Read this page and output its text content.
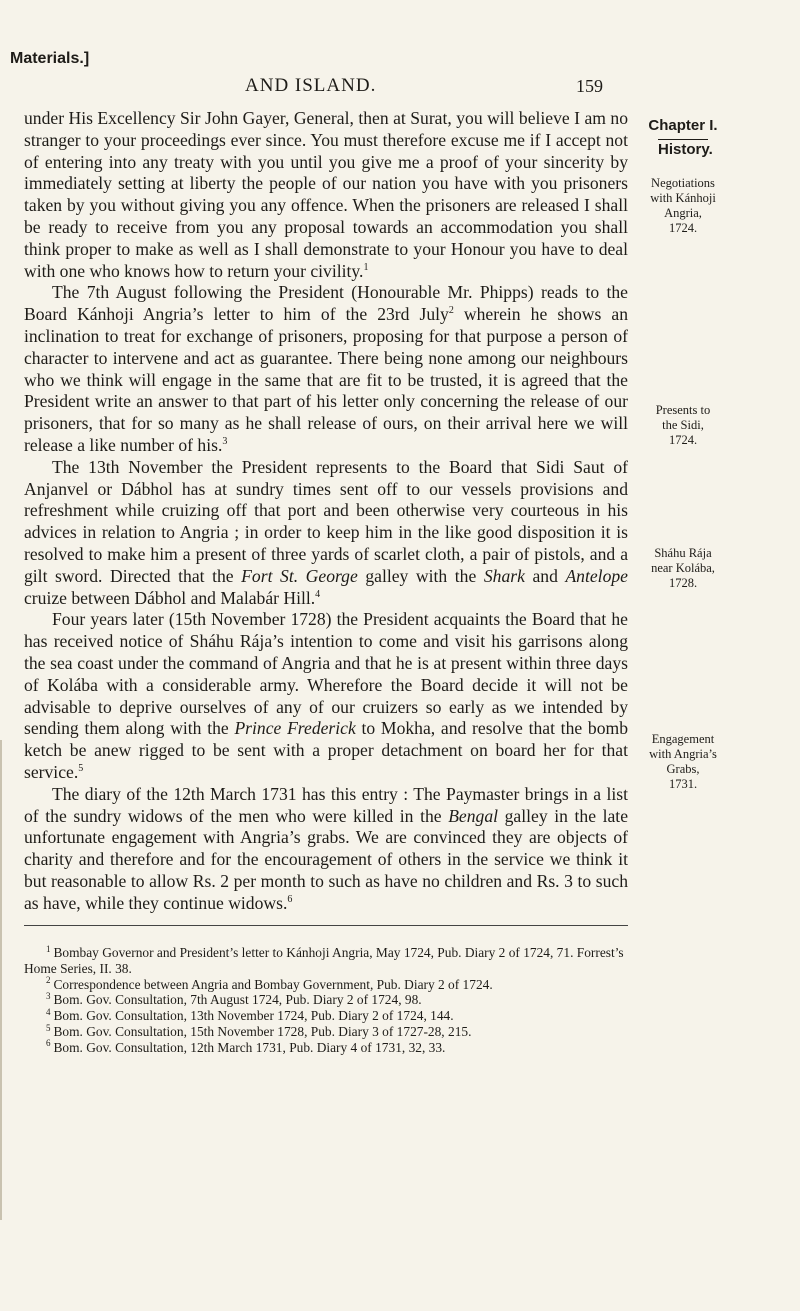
Materials.]
AND ISLAND.	159

under His Excellency Sir John Gayer, General, then at Surat, you will believe I am no stranger to your proceedings ever since. You must therefore excuse me if I accept not of entering into any treaty with you until you give me a proof of your sincerity by immediately setting at liberty the people of our nation you have with you prisoners taken by you without giving you any offence. When the prisoners are released I shall be ready to receive from you any proposal towards an accommodation you shall think proper to make as well as I shall demonstrate to your Honour you have to deal with one who knows how to return your civility.$^1$

The 7th August following the President (Honourable Mr. Phipps) reads to the Board Kánhoji Angria’s letter to him of the 23rd July$^2$ wherein he shows an inclination to treat for exchange of prisoners, proposing for that purpose a person of character to intervene and act as guarantee. There being none among our neighbours who we think will engage in the same that are fit to be trusted, it is agreed that the President write an answer to that part of his letter only concerning the release of our prisoners, that for so many as he shall release of ours, on their arrival here we will release a like number of his.$^3$

The 13th November the President represents to the Board that Sidi Saut of Anjanvel or Dábhol has at sundry times sent off to our vessels provisions and refreshment while cruizing off that port and been otherwise very courteous in his advices in relation to Angria ; in order to keep him in the like good disposition it is resolved to make him a present of three yards of scarlet cloth, a pair of pistols, and a gilt sword. Directed that the Fort St. George galley with the Shark and Antelope cruize between Dábhol and Malabár Hill.$^4$

Four years later (15th November 1728) the President acquaints the Board that he has received notice of Sháhu Rája’s intention to come and visit his garrisons along the sea coast under the command of Angria and that he is at present within three days of Kolába with a considerable army. Wherefore the Board decide it will not be advisable to deprive ourselves of any of our cruizers so early as we intended by sending them along with the Prince Frederick to Mokha, and resolve that the bomb ketch be anew rigged to be sent with a proper detachment on board her for that service.$^5$

The diary of the 12th March 1731 has this entry : The Paymaster brings in a list of the sundry widows of the men who were killed in the Bengal galley in the late unfortunate engagement with Angria’s grabs. We are convinced they are objects of charity and therefore and for the encouragement of others in the service we think it but reasonable to allow Rs. 2 per month to such as have no children and Rs. 3 to such as have, while they continue widows.$^6$

Chapter I.
History.
Negotiations
with Kánhoji
Angria,
1724.
Presents to
the Sidi,
1724.
Sháhu Rája
near Kolába,
1728.
Engagement
with Angria’s
Grabs,
1731.

$^1$ Bombay Governor and President’s letter to Kánhoji Angria, May 1724, Pub. Diary 2 of 1724, 71. Forrest’s Home Series, II. 38.

$^2$ Correspondence between Angria and Bombay Government, Pub. Diary 2 of 1724.

$^3$ Bom. Gov. Consultation, 7th August 1724, Pub. Diary 2 of 1724, 98.

$^4$ Bom. Gov. Consultation, 13th November 1724, Pub. Diary 2 of 1724, 144.

$^5$ Bom. Gov. Consultation, 15th November 1728, Pub. Diary 3 of 1727-28, 215.

$^6$ Bom. Gov. Consultation, 12th March 1731, Pub. Diary 4 of 1731, 32, 33.
